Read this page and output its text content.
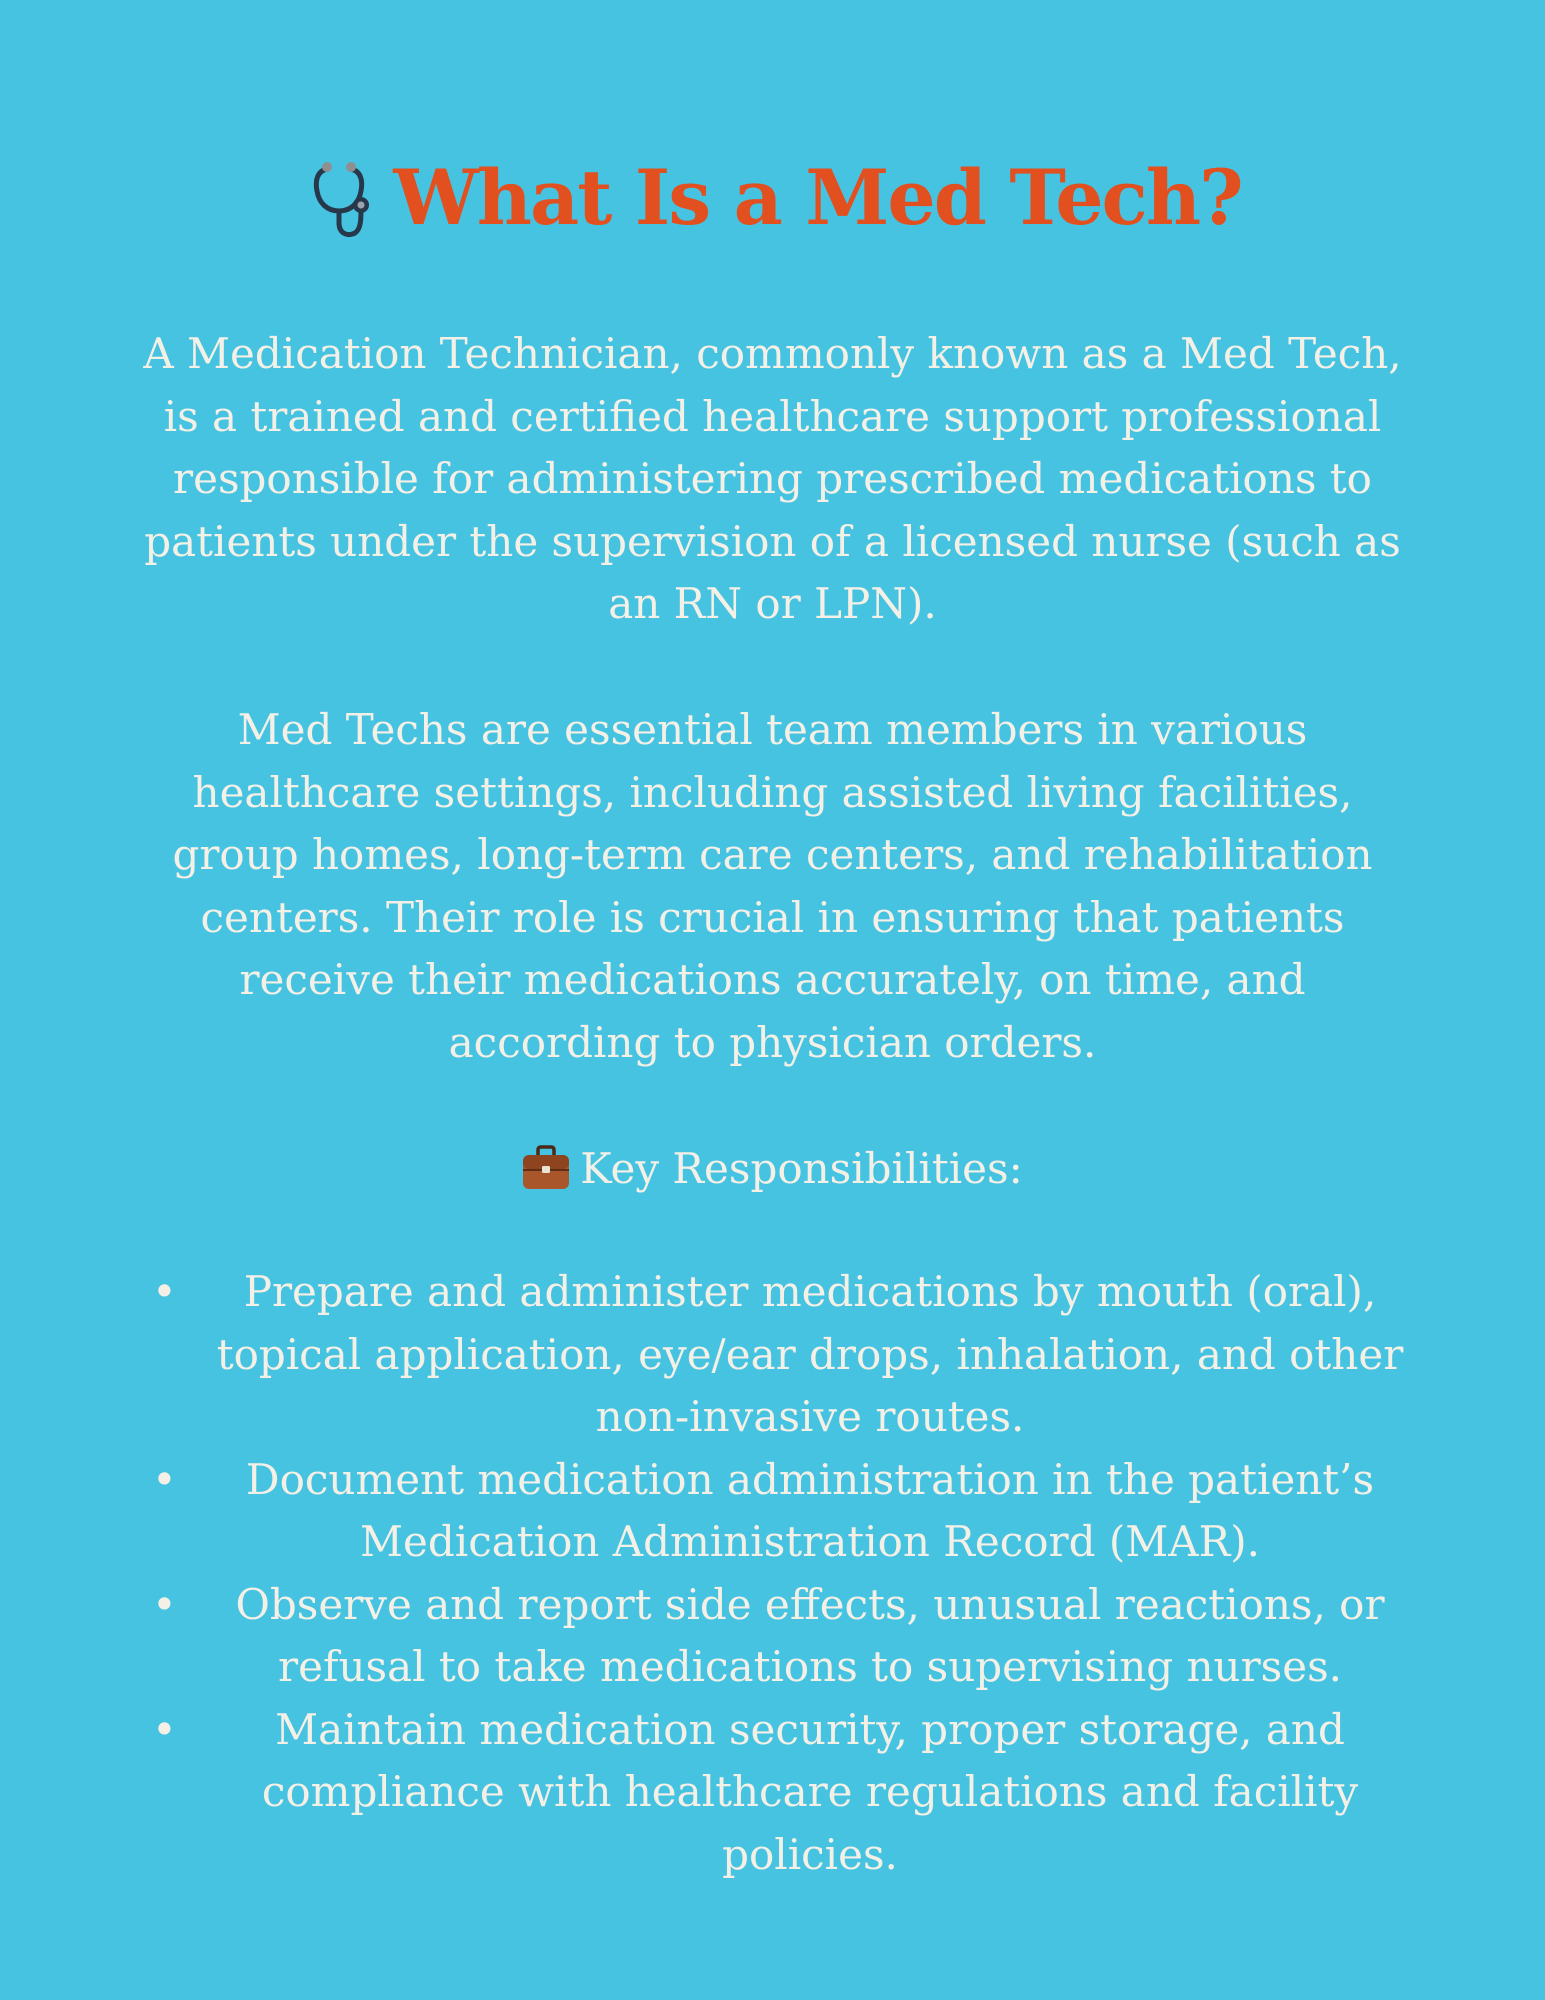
What Is a Med Tech?

A Medication Technician, commonly known as a Med Tech, is a trained and certified healthcare support professional responsible for administering prescribed medications to patients under the supervision of a licensed nurse (such as an RN or LPN).

Med Techs are essential team members in various healthcare settings, including assisted living facilities, group homes, long-term care centers, and rehabilitation centers. Their role is crucial in ensuring that patients receive their medications accurately, on time, and according to physician orders.

Key Responsibilities:
• Prepare and administer medications by mouth (oral), topical application, eye/ear drops, inhalation, and other non-invasive routes.
• Document medication administration in the patient’s Medication Administration Record (MAR).
• Observe and report side effects, unusual reactions, or refusal to take medications to supervising nurses.
• Maintain medication security, proper storage, and compliance with healthcare regulations and facility policies.
